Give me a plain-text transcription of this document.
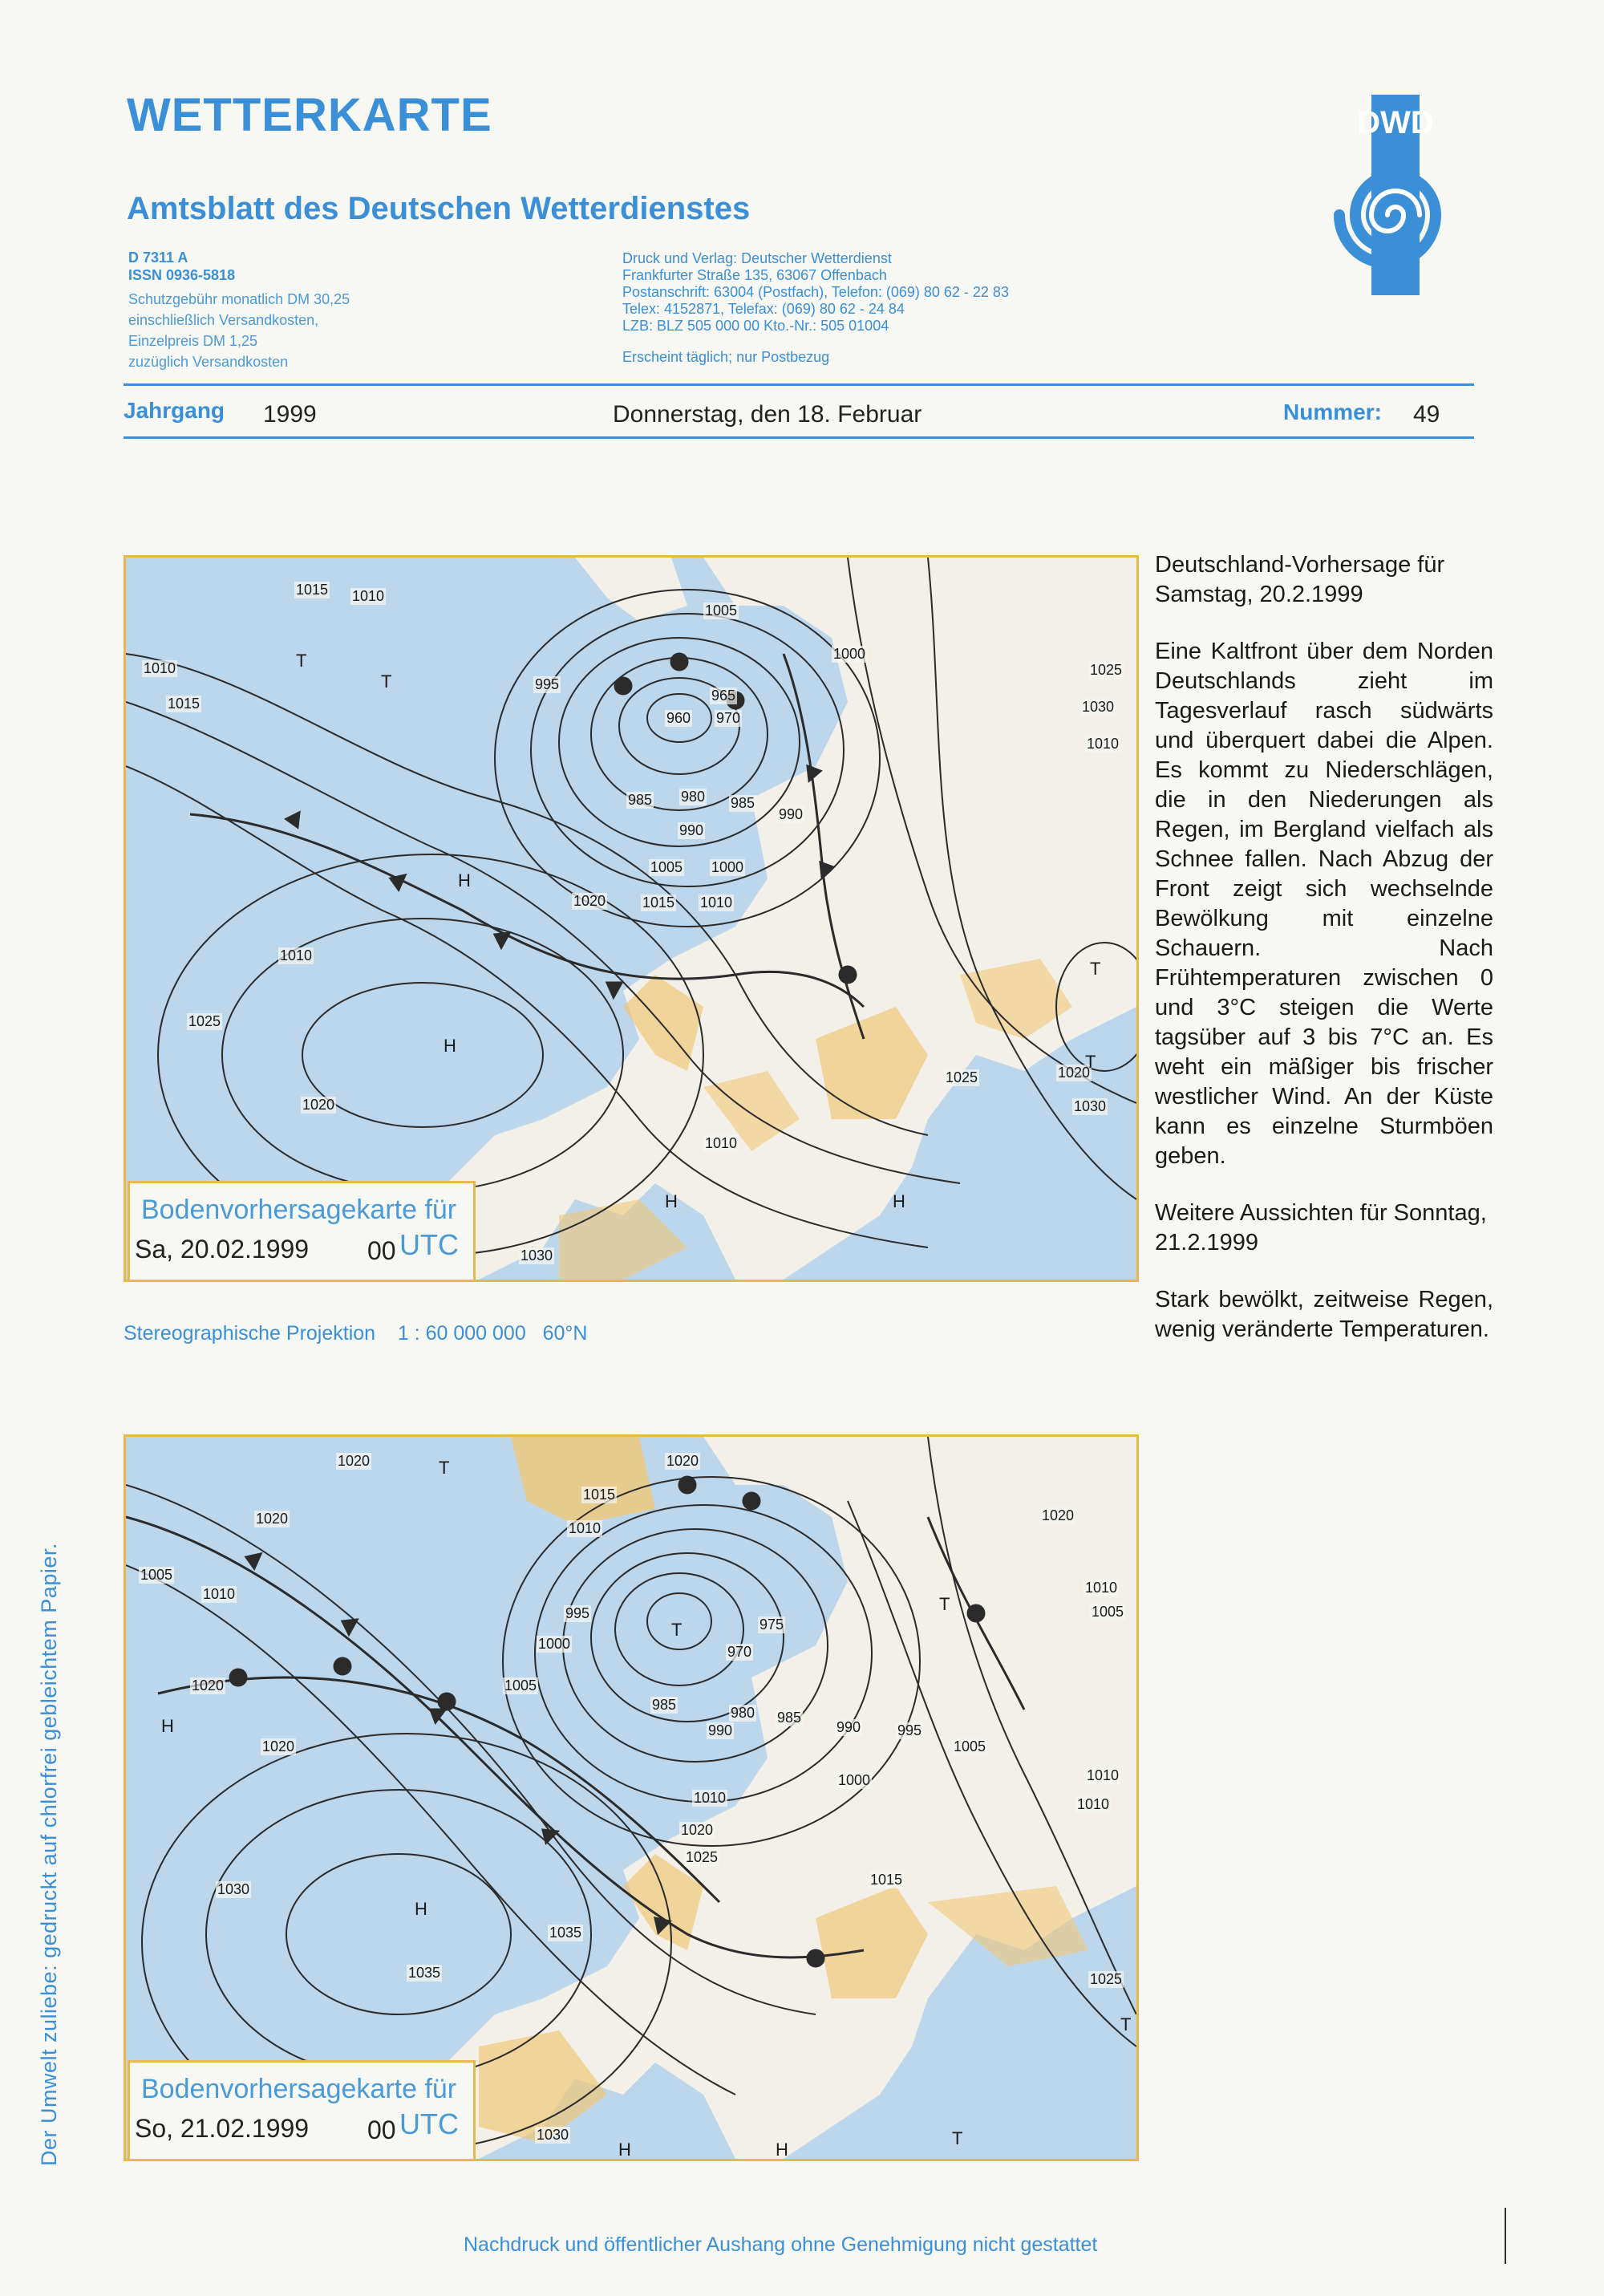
WETTERKARTE
Amtsblatt des Deutschen Wetterdienstes
DWD
D 7311 A
ISSN 0936-5818
Schutzgebühr monatlich DM 30,25
einschließlich Versandkosten,
Einzelpreis DM 1,25
zuzüglich Versandkosten
Druck und Verlag: Deutscher Wetterdienst
Frankfurter Straße 135, 63067 Offenbach
Postanschrift: 63004 (Postfach), Telefon: (069) 80 62 - 22 83
Telex: 4152871, Telefax: (069) 80 62 - 24 84
LZB: BLZ 505 000 00 Kto.-Nr.: 505 01004
Erscheint täglich; nur Postbezug
Jahrgang 1999	Donnerstag, den 18. Februar	Nummer: 49
Bodenvorhersagekarte für
Sa, 20.02.1999 00 UTC
1015 1010
1010
1015
995
1005
1000
965
960 970
985 980 985
990
990
1005 1000
1010
1020	1015
1025
1030
1010
1010
1025
1020
1010
1025	1020
1030
1030
T
T
H
H
H	H
T
T
Stereographische Projektion 1 : 60 000 000 60°N
Bodenvorhersagekarte für
So, 21.02.1999 00 UTC
1020	1020
1015
1020
1010
1005
1010
995
1000
975
970
1005
985	980 985
990	990	995
1005
1000
1010	1010
1020
1025
1015
1020
1020
1030
1035
1035	1025
1030
1010
1005
1010
1020
T
T
T
H
H
H	H
T
T

Deutschland-Vorhersage für Samstag, 20.2.1999

Eine Kaltfront über dem Norden Deutschlands zieht im Tagesverlauf rasch südwärts und überquert dabei die Alpen. Es kommt zu Niederschlägen, die in den Niederungen als Regen, im Bergland vielfach als Schnee fallen. Nach Abzug der Front zeigt sich wechselnde Bewölkung mit einzelne Schauern. Nach Frühtemperaturen zwischen 0 und 3°C steigen die Werte tagsüber auf 3 bis 7°C an. Es weht ein mäßiger bis frischer westlicher Wind. An der Küste kann es einzelne Sturmböen geben.

Weitere Aussichten für Sonntag, 21.2.1999

Stark bewölkt, zeitweise Regen, wenig veränderte Temperaturen.

Der Umwelt zuliebe: gedruckt auf chlorfrei gebleichtem Papier.
Nachdruck und öffentlicher Aushang ohne Genehmigung nicht gestattet
